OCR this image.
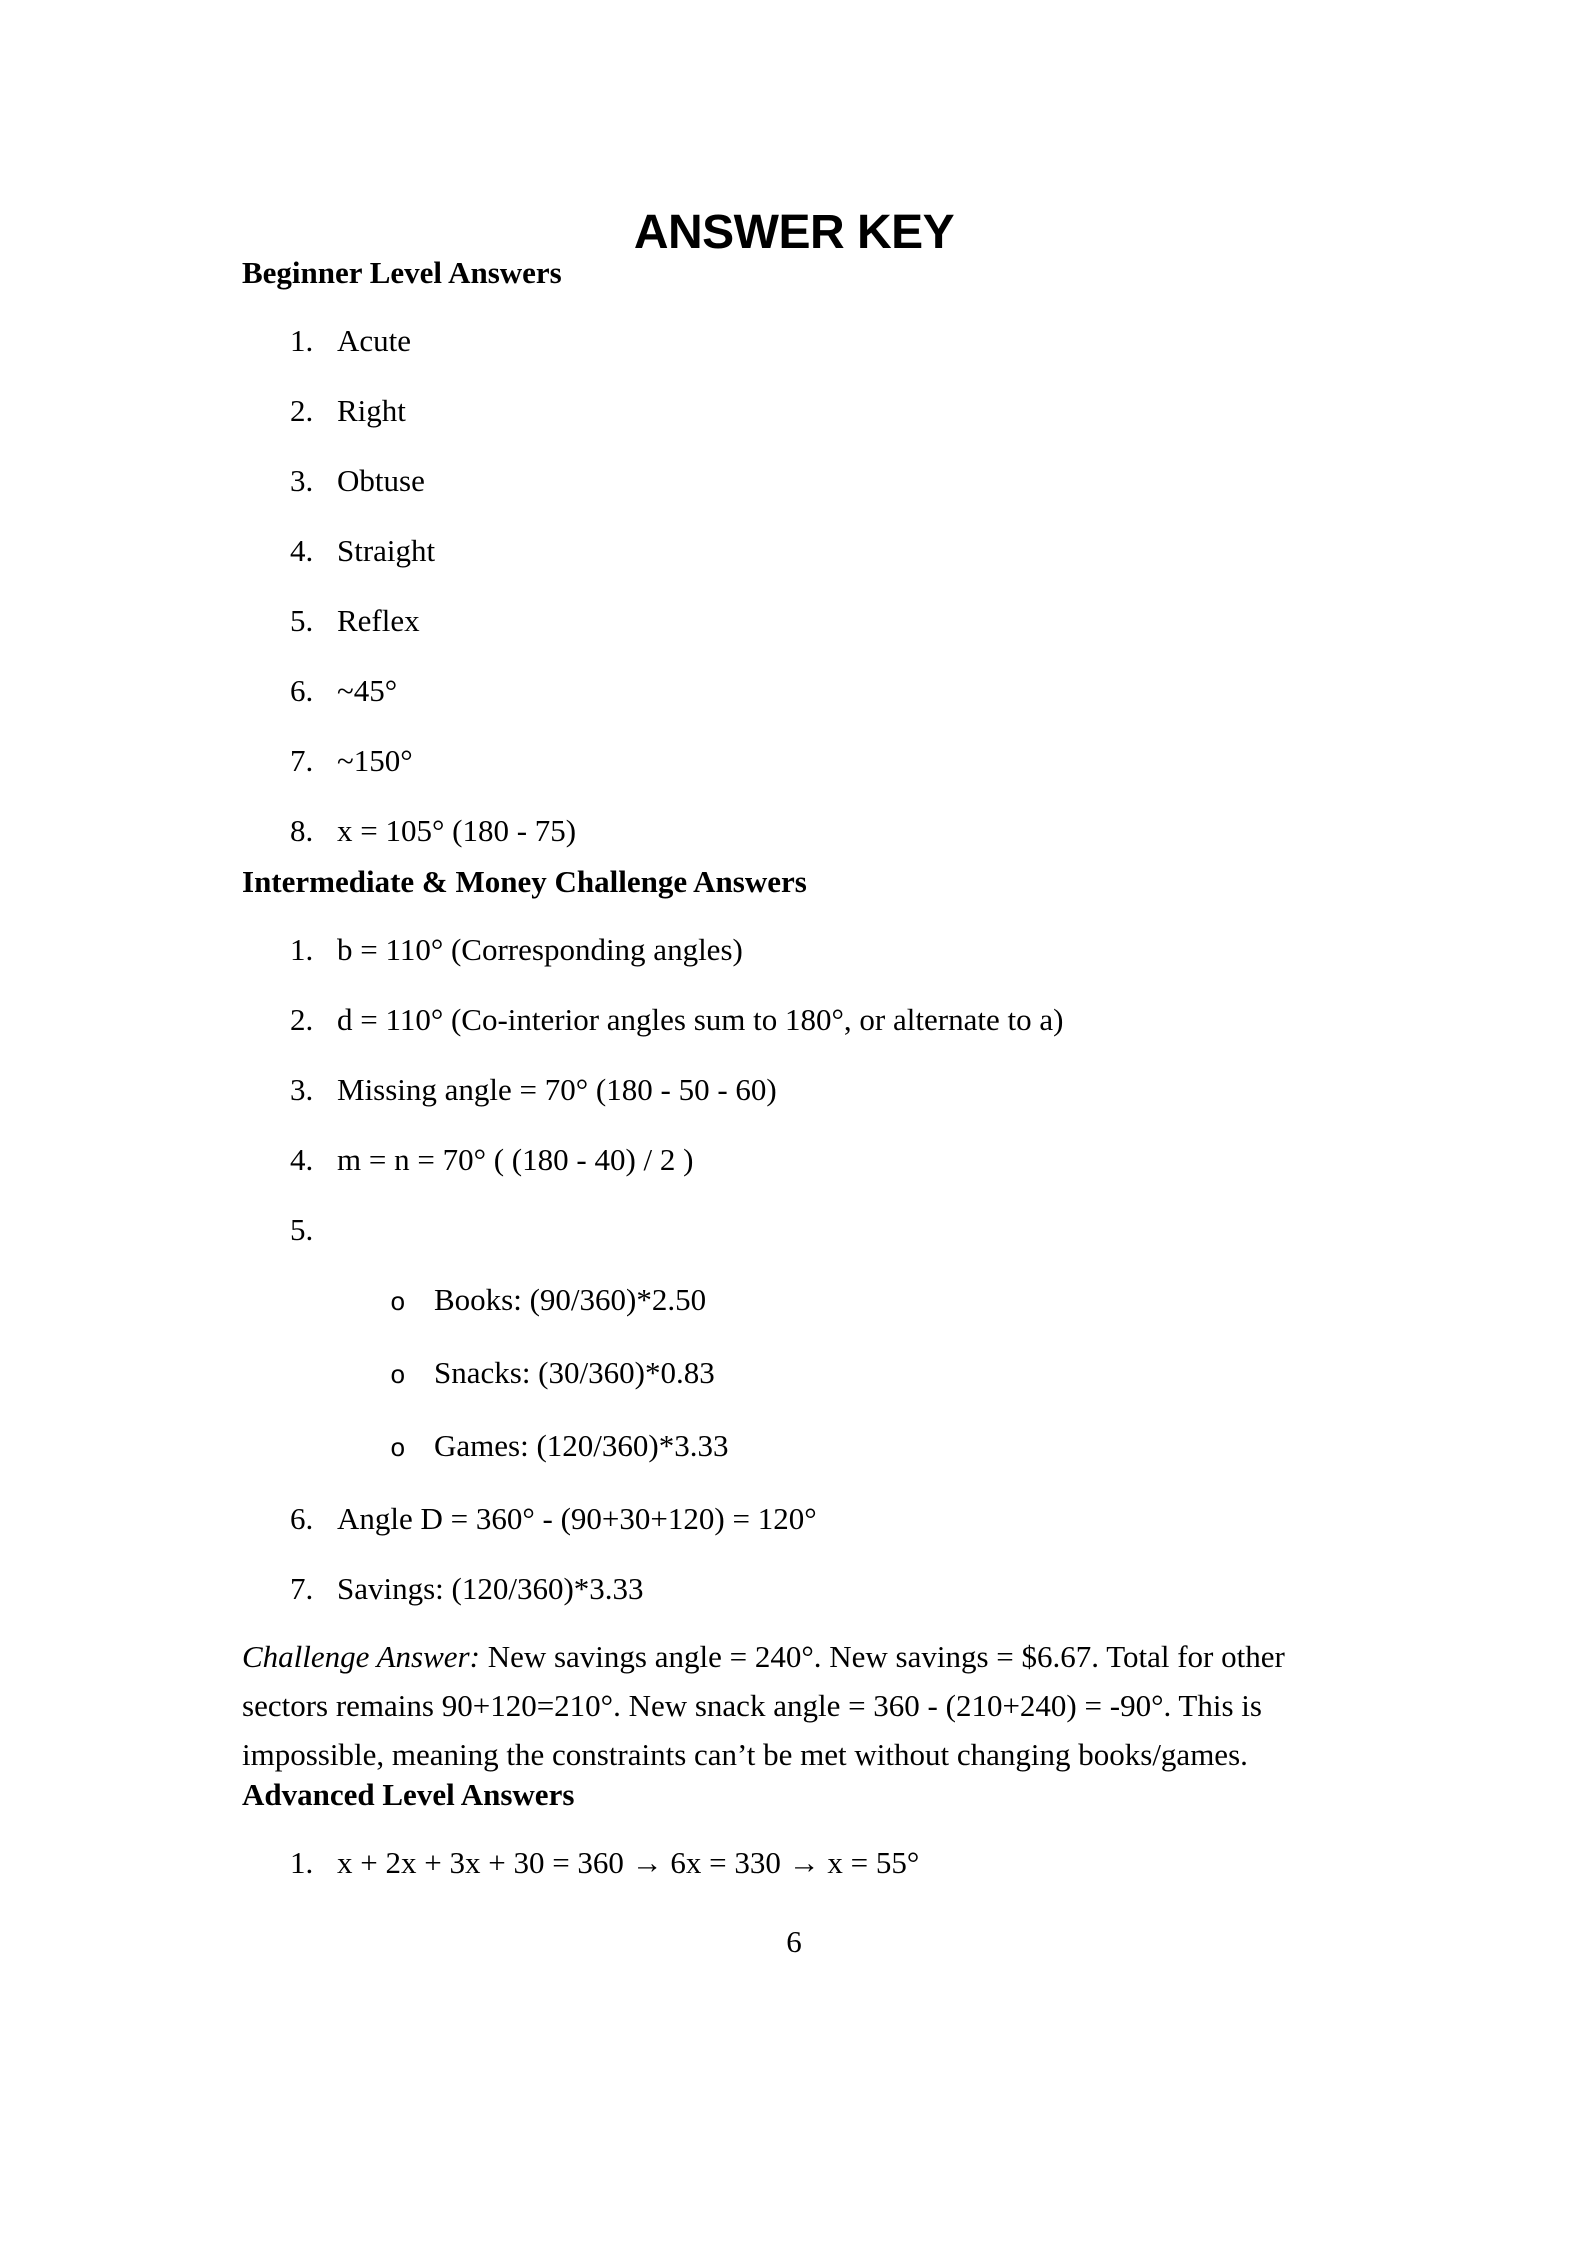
ANSWER KEY
Beginner Level Answers
1. Acute
2. Right
3. Obtuse
4. Straight
5. Reflex
6. ~45°
7. ~150°
8. x = 105° (180 - 75)
Intermediate & Money Challenge Answers
1. b = 110° (Corresponding angles)
2. d = 110° (Co-interior angles sum to 180°, or alternate to a)
3. Missing angle = 70° (180 - 50 - 60)
4. m = n = 70° ( (180 - 40) / 2 )
5.
o Books: (90/360)*2.50
o Snacks: (30/360)*0.83
o Games: (120/360)*3.33
6. Angle D = 360° - (90+30+120) = 120°
7. Savings: (120/360)*3.33

Challenge Answer: New savings angle = 240°. New savings = $6.67. Total for other sectors remains 90+120=210°. New snack angle = 360 - (210+240) = -90°. This is impossible, meaning the constraints can’t be met without changing books/games.

Advanced Level Answers
1. x + 2x + 3x + 30 = 360 → 6x = 330 → x = 55°
6
